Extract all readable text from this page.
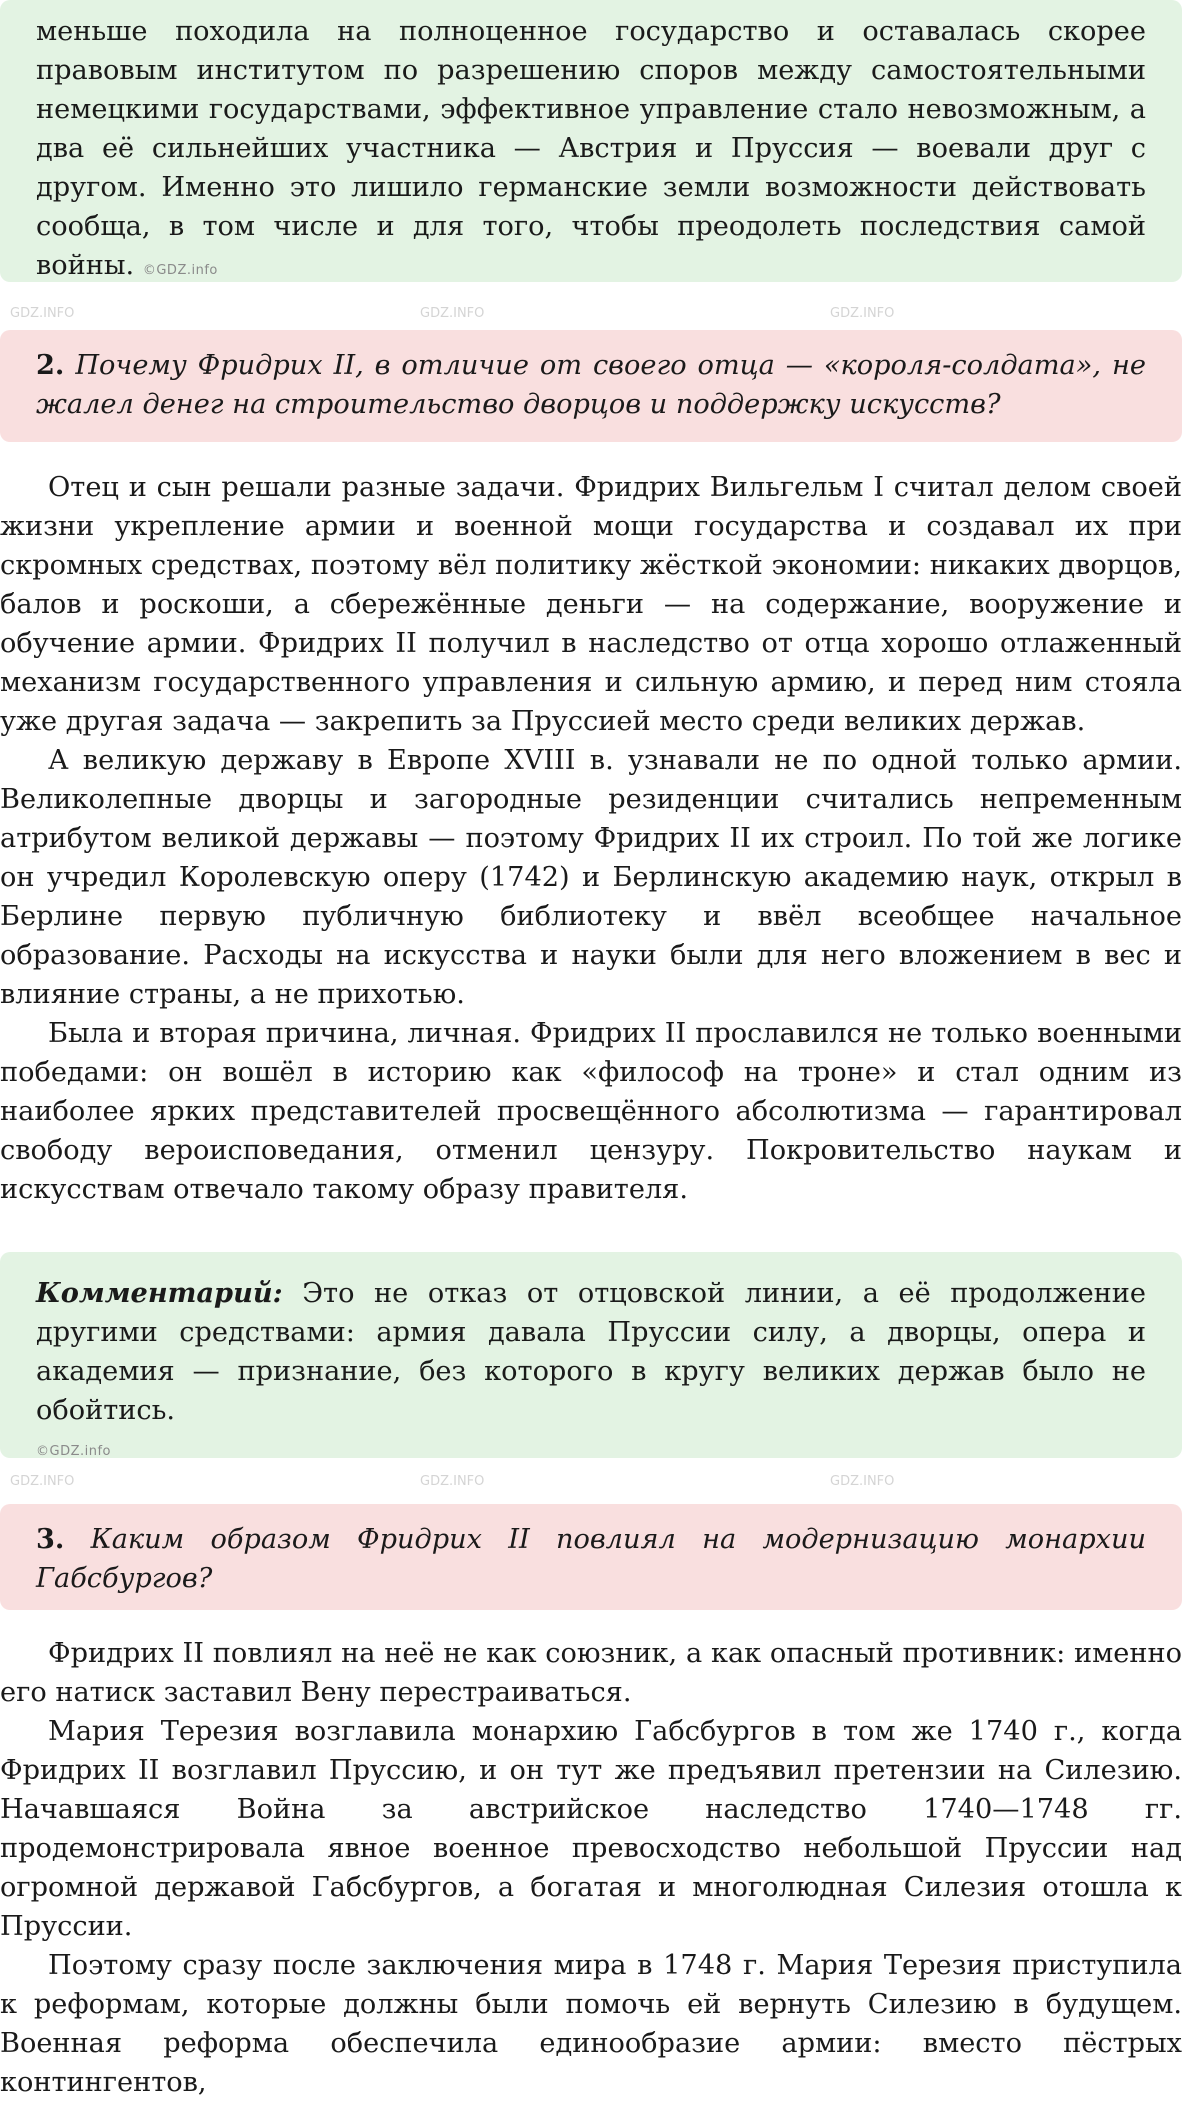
меньше походила на полноценное государство и оставалась скорее правовым институтом по разрешению споров между самостоятельными немецкими государствами, эффективное управление стало невозможным, а два её сильнейших участника — Австрия и Пруссия — воевали друг с другом. Именно это лишило германские земли возможности действовать сообща, в том числе и для того, чтобы преодолеть последствия самой войны. ©GDZ.info

2. Почему Фридрих II, в отличие от своего отца — «короля-солдата», не жалел денег на строительство дворцов и поддержку искусств?

Отец и сын решали разные задачи. Фридрих Вильгельм I считал делом своей жизни укрепление армии и военной мощи государства и создавал их при скромных средствах, поэтому вёл политику жёсткой экономии: никаких дворцов, балов и роскоши, а сбережённые деньги — на содержание, вооружение и обучение армии. Фридрих II получил в наследство от отца хорошо отлаженный механизм государственного управления и сильную армию, и перед ним стояла уже другая задача — закрепить за Пруссией место среди великих держав.

А великую державу в Европе XVIII в. узнавали не по одной только армии. Великолепные дворцы и загородные резиденции считались непременным атрибутом великой державы — поэтому Фридрих II их строил. По той же логике он учредил Королевскую оперу (1742) и Берлинскую академию наук, открыл в Берлине первую публичную библиотеку и ввёл всеобщее начальное образование. Расходы на искусства и науки были для него вложением в вес и влияние страны, а не прихотью.

Была и вторая причина, личная. Фридрих II прославился не только военными победами: он вошёл в историю как «философ на троне» и стал одним из наиболее ярких представителей просвещённого абсолютизма — гарантировал свободу вероисповедания, отменил цензуру. Покровительство наукам и искусствам отвечало такому образу правителя.

Комментарий: Это не отказ от отцовской линии, а её продолжение другими средствами: армия давала Пруссии силу, а дворцы, опера и академия — признание, без которого в кругу великих держав было не обойтись.

©GDZ.info

3. Каким образом Фридрих II повлиял на модернизацию монархии Габсбургов?

Фридрих II повлиял на неё не как союзник, а как опасный противник: именно его натиск заставил Вену перестраиваться.

Мария Терезия возглавила монархию Габсбургов в том же 1740 г., когда Фридрих II возглавил Пруссию, и он тут же предъявил претензии на Силезию. Начавшаяся Война за австрийское наследство 1740—1748 гг. продемонстрировала явное военное превосходство небольшой Пруссии над огромной державой Габсбургов, а богатая и многолюдная Силезия отошла к Пруссии.

Поэтому сразу после заключения мира в 1748 г. Мария Терезия приступила к реформам, которые должны были помочь ей вернуть Силезию в будущем. Военная реформа обеспечила единообразие армии: вместо пёстрых контингентов,

GDZ.INFO	GDZ.INFO	GDZ.INFO
GDZ.INFO	GDZ.INFO	GDZ.INFO
